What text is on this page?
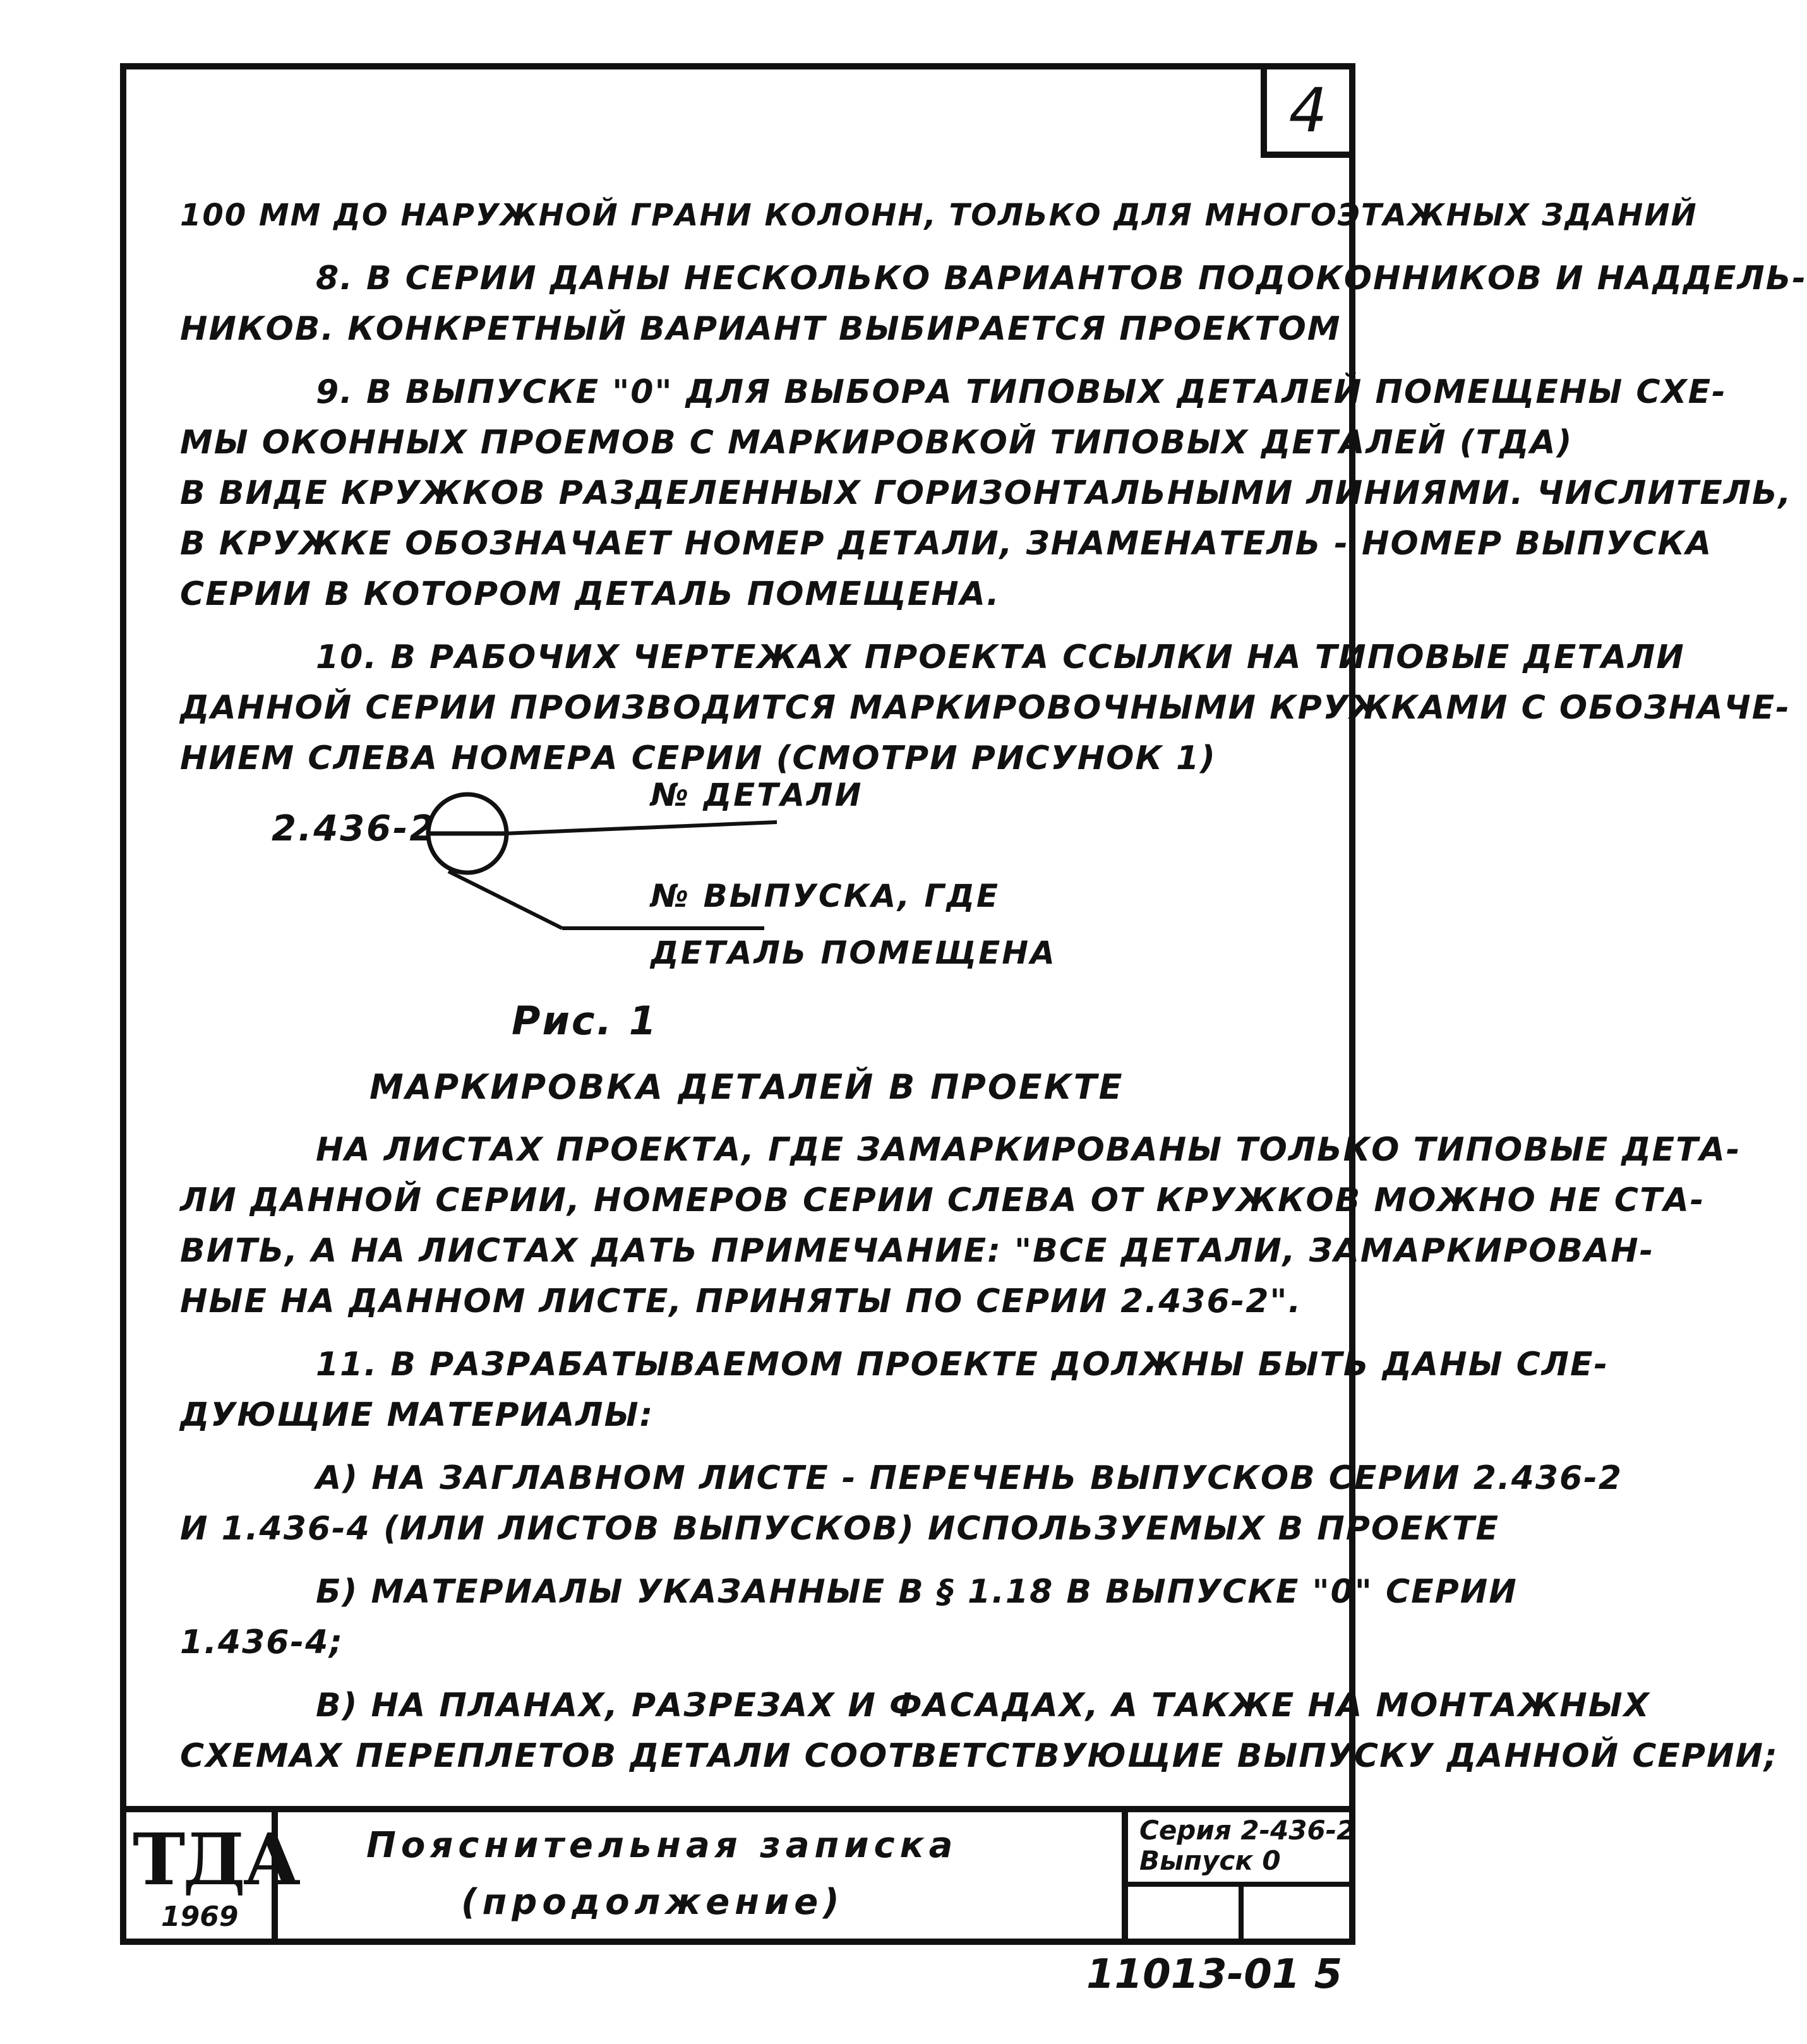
4
100 ММ ДО НАРУЖНОЙ ГРАНИ КОЛОНН, ТОЛЬКО ДЛЯ МНОГОЭТАЖНЫХ ЗДАНИЙ
8. В СЕРИИ ДАНЫ НЕСКОЛЬКО ВАРИАНТОВ ПОДОКОННИКОВ И НАДДЕЛЬ-
НИКОВ. КОНКРЕТНЫЙ ВАРИАНТ ВЫБИРАЕТСЯ ПРОЕКТОМ
9. В ВЫПУСКЕ "0" ДЛЯ ВЫБОРА ТИПОВЫХ ДЕТАЛЕЙ ПОМЕЩЕНЫ СХЕ-
МЫ ОКОННЫХ ПРОЕМОВ С МАРКИРОВКОЙ ТИПОВЫХ ДЕТАЛЕЙ (ТДА)
В ВИДЕ КРУЖКОВ РАЗДЕЛЕННЫХ ГОРИЗОНТАЛЬНЫМИ ЛИНИЯМИ. ЧИСЛИТЕЛЬ,
В КРУЖКЕ ОБОЗНАЧАЕТ НОМЕР ДЕТАЛИ, ЗНАМЕНАТЕЛЬ - НОМЕР ВЫПУСКА
СЕРИИ В КОТОРОМ ДЕТАЛЬ ПОМЕЩЕНА.
10. В РАБОЧИХ ЧЕРТЕЖАХ ПРОЕКТА ССЫЛКИ НА ТИПОВЫЕ ДЕТАЛИ
ДАННОЙ СЕРИИ ПРОИЗВОДИТСЯ МАРКИРОВОЧНЫМИ КРУЖКАМИ С ОБОЗНАЧЕ-
НИЕМ СЛЕВА НОМЕРА СЕРИИ (СМОТРИ РИСУНОК 1)
2.436-2
№ ДЕТАЛИ
№ ВЫПУСКА, ГДЕ
ДЕТАЛЬ ПОМЕЩЕНА
Рис. 1
МАРКИРОВКА ДЕТАЛЕЙ В ПРОЕКТЕ
НА ЛИСТАХ ПРОЕКТА, ГДЕ ЗАМАРКИРОВАНЫ ТОЛЬКО ТИПОВЫЕ ДЕТА-
ЛИ ДАННОЙ СЕРИИ, НОМЕРОВ СЕРИИ СЛЕВА ОТ КРУЖКОВ МОЖНО НЕ СТА-
ВИТЬ, А НА ЛИСТАХ ДАТЬ ПРИМЕЧАНИЕ: "ВСЕ ДЕТАЛИ, ЗАМАРКИРОВАН-
НЫЕ НА ДАННОМ ЛИСТЕ, ПРИНЯТЫ ПО СЕРИИ 2.436-2".
11. В РАЗРАБАТЫВАЕМОМ ПРОЕКТЕ ДОЛЖНЫ БЫТЬ ДАНЫ СЛЕ-
ДУЮЩИЕ МАТЕРИАЛЫ:
А) НА ЗАГЛАВНОМ ЛИСТЕ - ПЕРЕЧЕНЬ ВЫПУСКОВ СЕРИИ 2.436-2
И 1.436-4 (ИЛИ ЛИСТОВ ВЫПУСКОВ) ИСПОЛЬЗУЕМЫХ В ПРОЕКТЕ
Б) МАТЕРИАЛЫ УКАЗАННЫЕ В § 1.18 В ВЫПУСКЕ "0" СЕРИИ
1.436-4;
В) НА ПЛАНАХ, РАЗРЕЗАХ И ФАСАДАХ, А ТАКЖЕ НА МОНТАЖНЫХ
СХЕМАХ ПЕРЕПЛЕТОВ ДЕТАЛИ СООТВЕТСТВУЮЩИЕ ВЫПУСКУ ДАННОЙ СЕРИИ;
ТДА
1969
Пояснительная записка
(продолжение)
Серия 2-436-2
Выпуск 0
11013-01 5
